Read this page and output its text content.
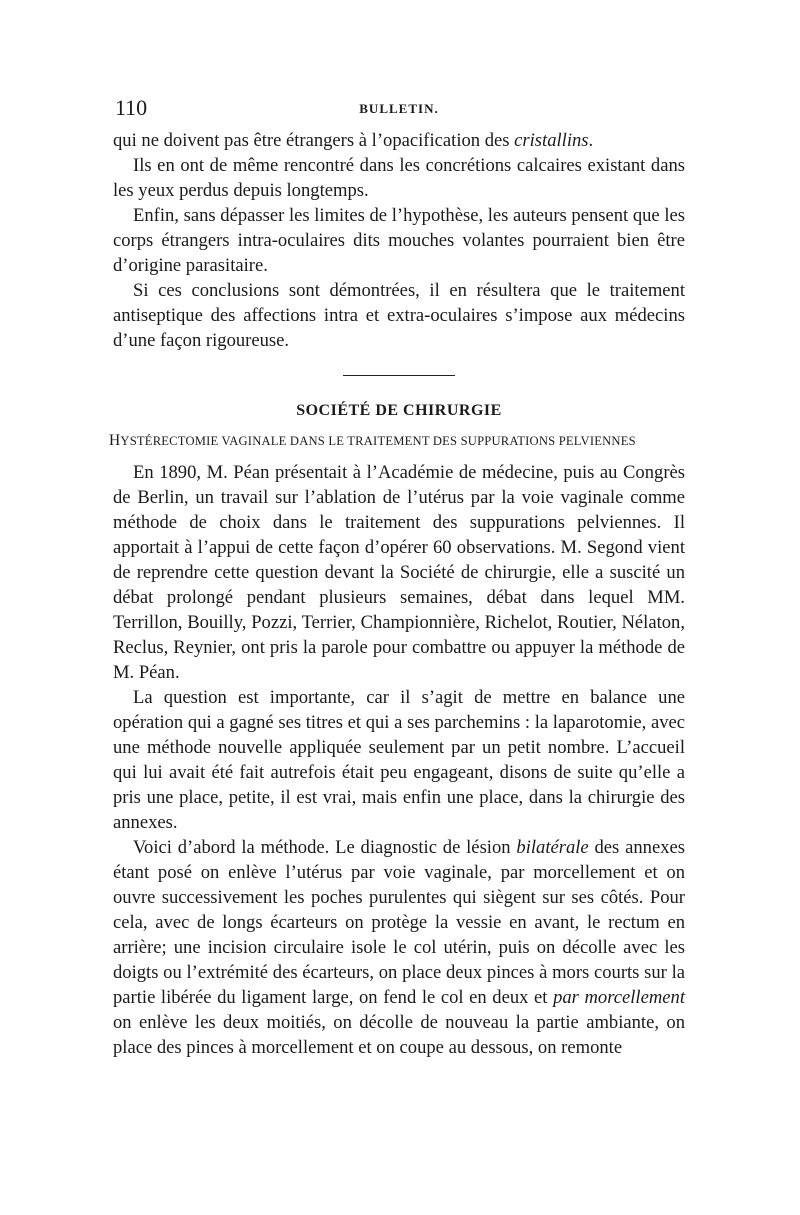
110	BULLETIN.

qui ne doivent pas être étrangers à l’opacification des cristallins.

Ils en ont de même rencontré dans les concrétions calcaires existant dans les yeux perdus depuis longtemps.

Enfin, sans dépasser les limites de l’hypothèse, les auteurs pensent que les corps étrangers intra-oculaires dits mouches volantes pourraient bien être d’origine parasitaire.

Si ces conclusions sont démontrées, il en résultera que le traitement antiseptique des affections intra et extra-oculaires s’impose aux médecins d’une façon rigoureuse.

SOCIÉTÉ DE CHIRURGIE
HYSTÉRECTOMIE VAGINALE DANS LE TRAITEMENT DES SUPPURATIONS PELVIENNES

En 1890, M. Péan présentait à l’Académie de médecine, puis au Congrès de Berlin, un travail sur l’ablation de l’utérus par la voie vaginale comme méthode de choix dans le traitement des suppurations pelviennes. Il apportait à l’appui de cette façon d’opérer 60 observations. M. Segond vient de reprendre cette question devant la Société de chirurgie, elle a suscité un débat prolongé pendant plusieurs semaines, débat dans lequel MM. Terrillon, Bouilly, Pozzi, Terrier, Championnière, Richelot, Routier, Nélaton, Reclus, Reynier, ont pris la parole pour combattre ou appuyer la méthode de M. Péan.

La question est importante, car il s’agit de mettre en balance une opération qui a gagné ses titres et qui a ses parchemins : la laparotomie, avec une méthode nouvelle appliquée seulement par un petit nombre. L’accueil qui lui avait été fait autrefois était peu engageant, disons de suite qu’elle a pris une place, petite, il est vrai, mais enfin une place, dans la chirurgie des annexes.

Voici d’abord la méthode. Le diagnostic de lésion bilatérale des annexes étant posé on enlève l’utérus par voie vaginale, par morcellement et on ouvre successivement les poches purulentes qui siègent sur ses côtés. Pour cela, avec de longs écarteurs on protège la vessie en avant, le rectum en arrière; une incision circulaire isole le col utérin, puis on décolle avec les doigts ou l’extrémité des écarteurs, on place deux pinces à mors courts sur la partie libérée du ligament large, on fend le col en deux et par morcellement on enlève les deux moitiés, on décolle de nouveau la partie ambiante, on place des pinces à morcellement et on coupe au dessous, on remonte
